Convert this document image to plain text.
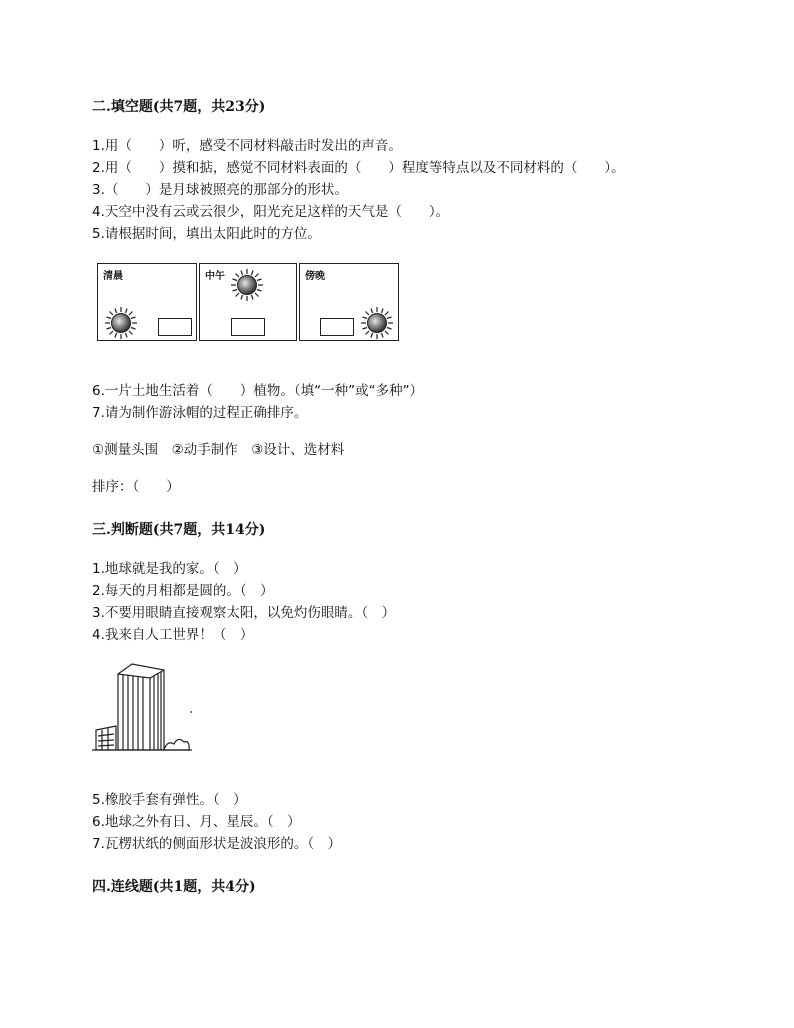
二.填空题(共7题，共23分)
1.用（　　）听，感受不同材料敲击时发出的声音。
2.用（　　）摸和掂，感觉不同材料表面的（　　）程度等特点以及不同材料的（　　）。
3.（　　）是月球被照亮的那部分的形状。
4.天空中没有云或云很少，阳光充足这样的天气是（　　）。
5.请根据时间，填出太阳此时的方位。
清晨	中午	傍晚
6.一片土地生活着（　　）植物。（填“一种”或“多种”）
7.请为制作游泳帽的过程正确排序。
①测量头围　②动手制作　③设计、选材料
排序：（　　）
三.判断题(共7题，共14分)
1.地球就是我的家。（　）
2.每天的月相都是圆的。（　）
3.不要用眼睛直接观察太阳，以免灼伤眼睛。（　）
4.我来自人工世界！（　）
5.橡胶手套有弹性。（　）
6.地球之外有日、月、星辰。（　）
7.瓦楞状纸的侧面形状是波浪形的。（　）
四.连线题(共1题，共4分)
